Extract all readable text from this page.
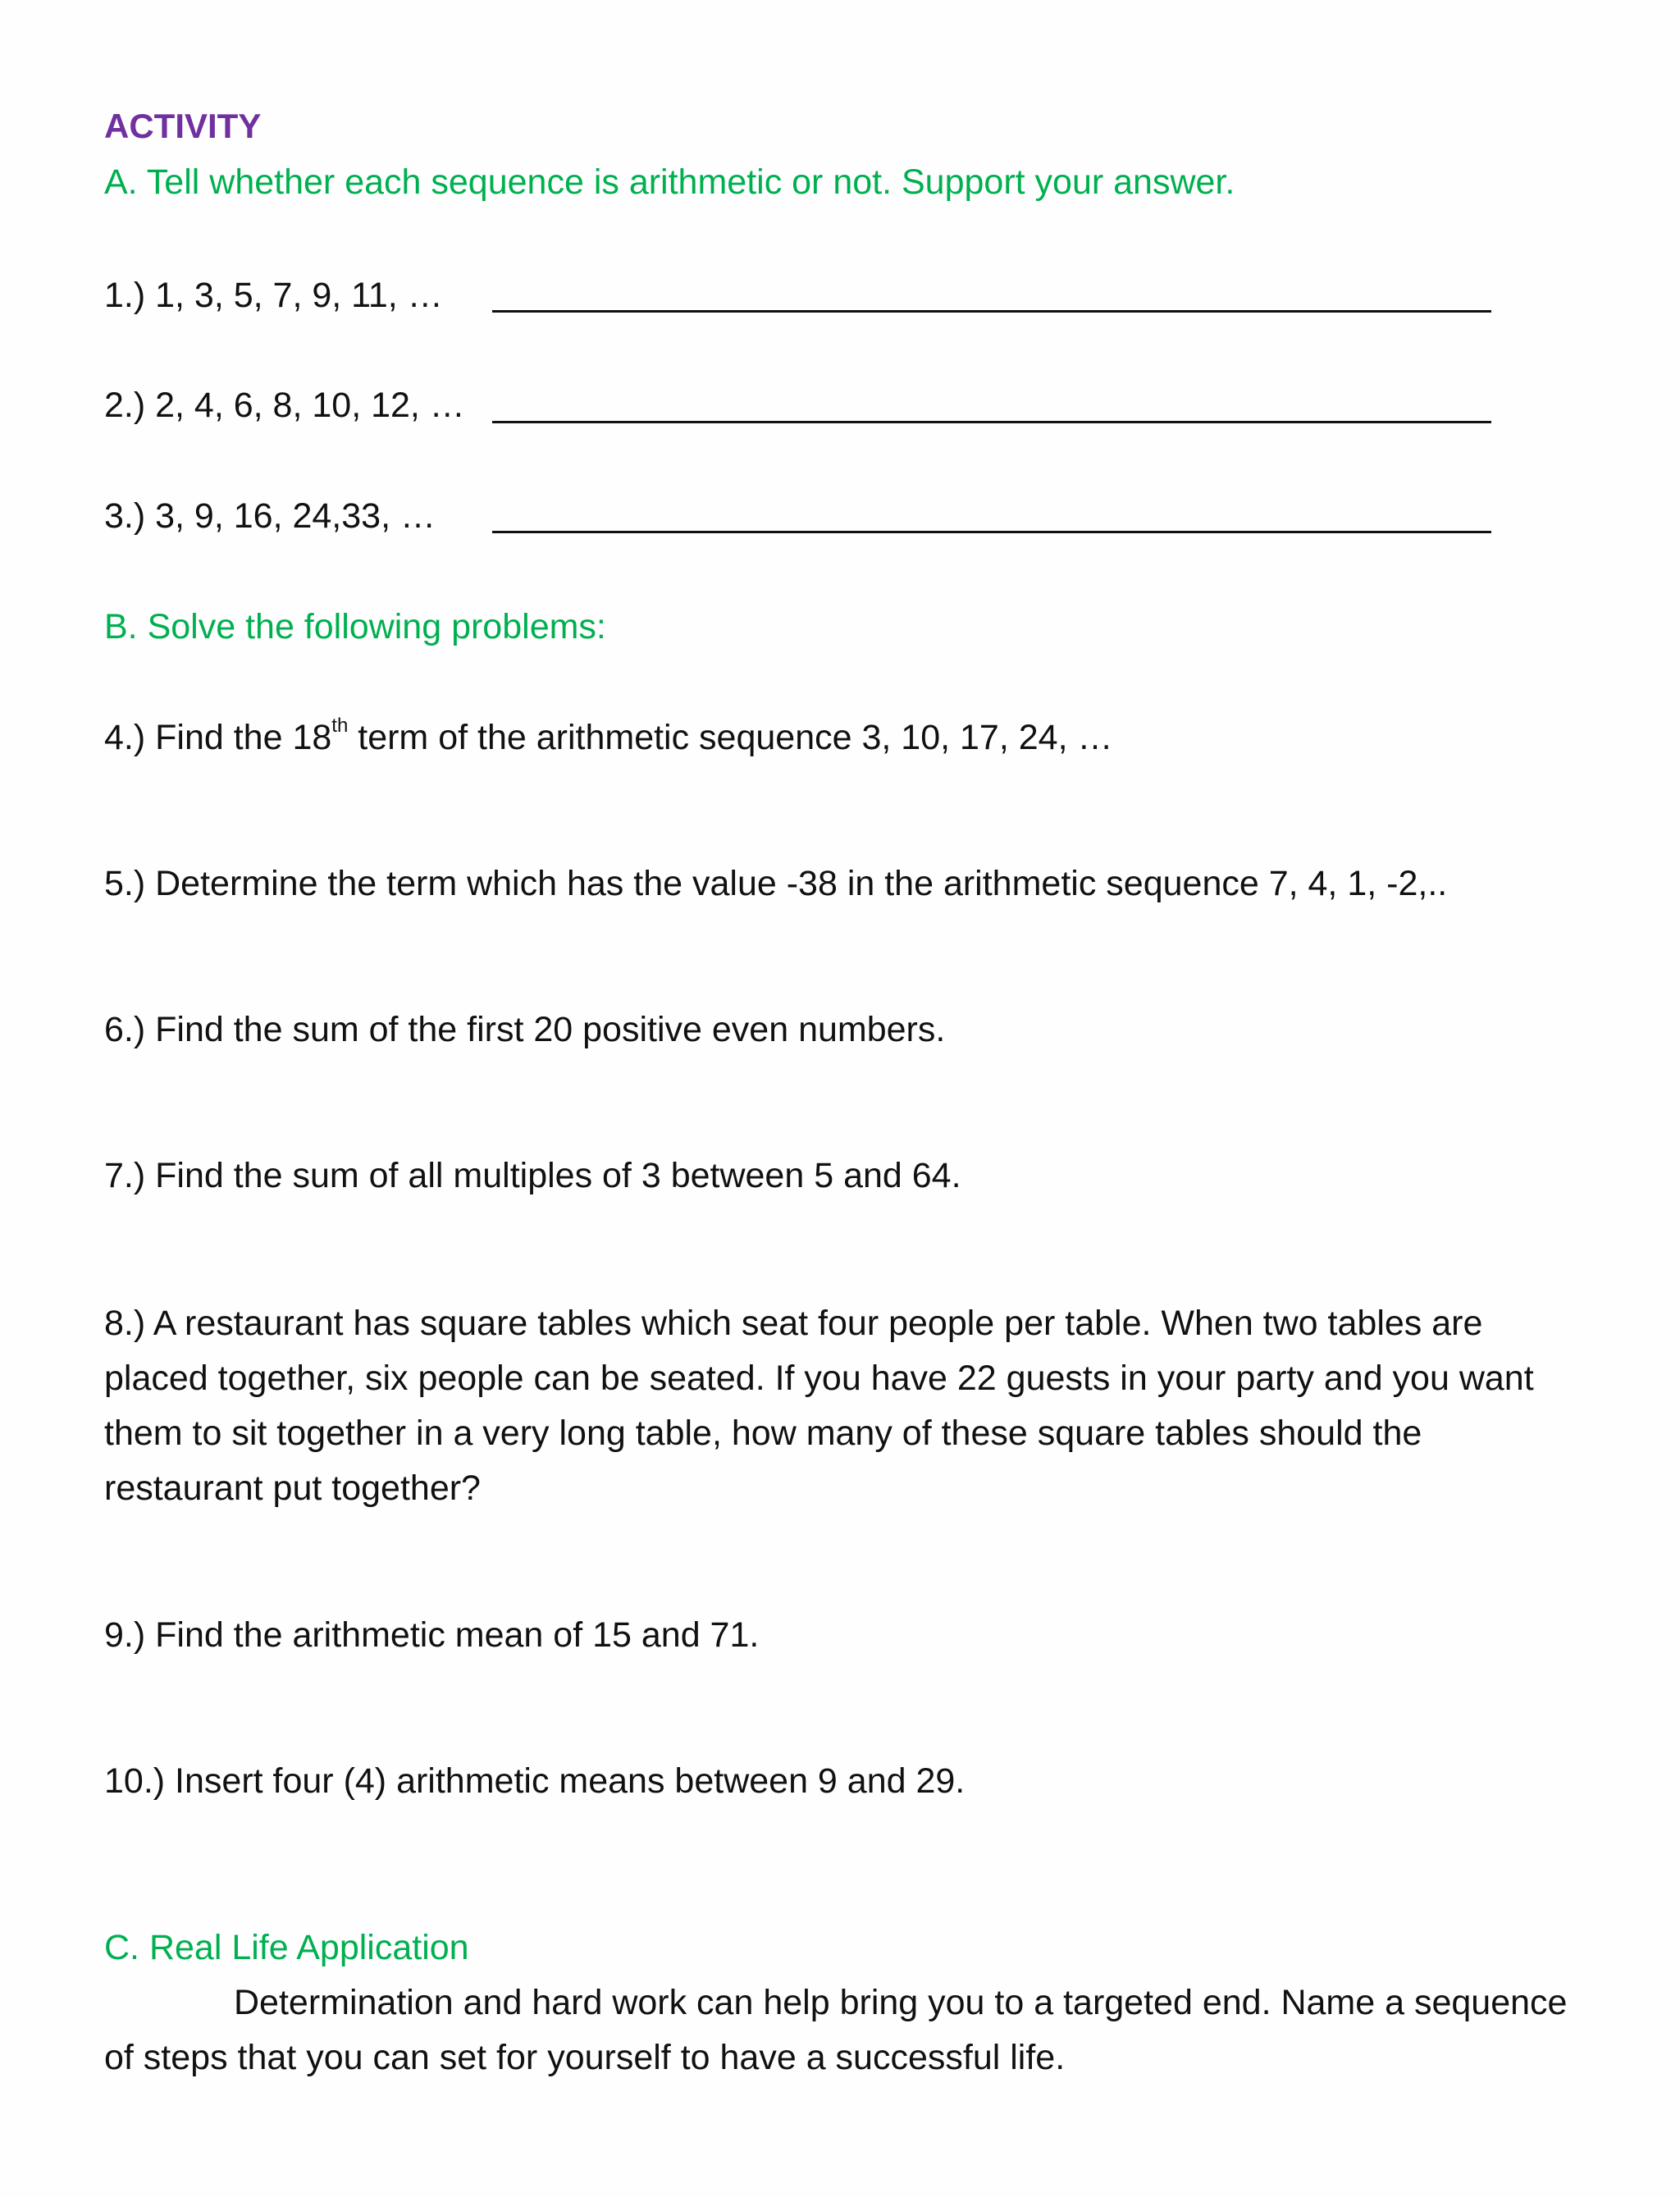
ACTIVITY
A. Tell whether each sequence is arithmetic or not. Support your answer.
1.) 1, 3, 5, 7, 9, 11, …
2.) 2, 4, 6, 8, 10, 12, …
3.) 3, 9, 16, 24,33, …
B. Solve the following problems:
4.) Find the 18th term of the arithmetic sequence 3, 10, 17, 24, …
5.) Determine the term which has the value -38 in the arithmetic sequence 7, 4, 1, -2,..
6.) Find the sum of the first 20 positive even numbers.
7.) Find the sum of all multiples of 3 between 5 and 64.
8.) A restaurant has square tables which seat four people per table. When two tables are placed together, six people can be seated. If you have 22 guests in your party and you want them to sit together in a very long table, how many of these square tables should the restaurant put together?
9.) Find the arithmetic mean of 15 and 71.
10.) Insert four (4) arithmetic means between 9 and 29.
C. Real Life Application
Determination and hard work can help bring you to a targeted end. Name a sequence of steps that you can set for yourself to have a successful life.
